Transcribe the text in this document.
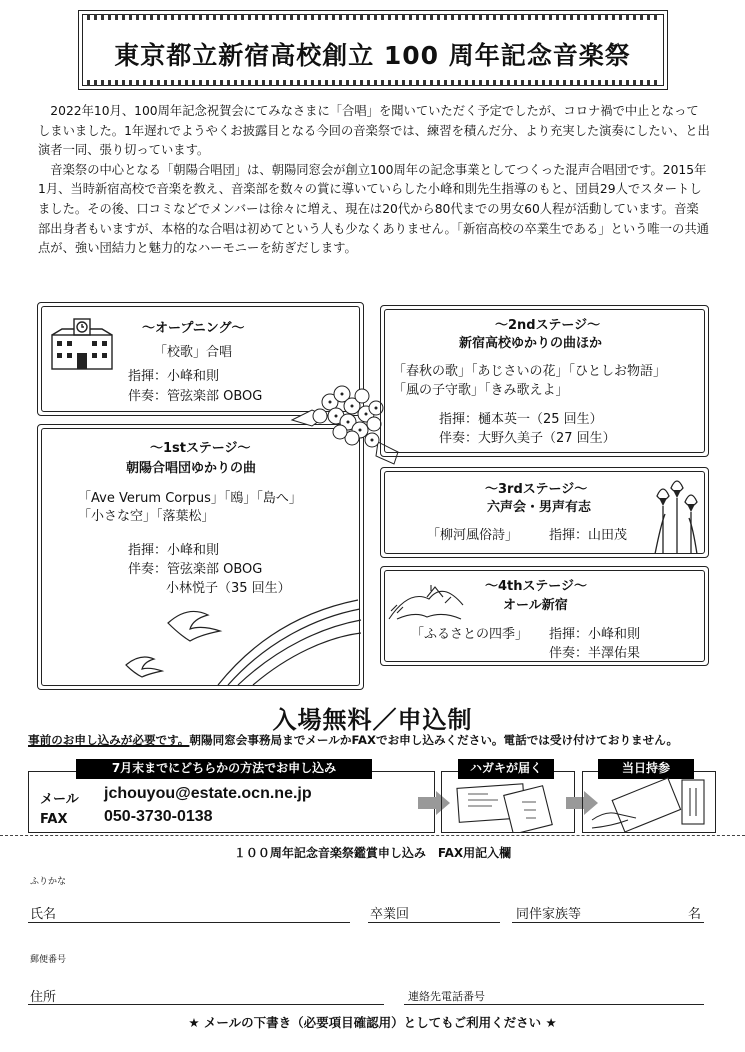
東京都立新宿高校創立 100 周年記念音楽祭

2022年10月、100周年記念祝賀会にてみなさまに「合唱」を聞いていただく予定でしたが、コロナ禍で中止となってしまいました。1年遅れでようやくお披露目となる今回の音楽祭では、練習を積んだ分、より充実した演奏にしたい、と出演者一同、張り切っています。

音楽祭の中心となる「朝陽合唱団」は、朝陽同窓会が創立100周年の記念事業としてつくった混声合唱団です。2015年1月、当時新宿高校で音楽を教え、音楽部を数々の賞に導いていらした小峰和則先生指導のもと、団員29人でスタートしました。その後、口コミなどでメンバーは徐々に増え、現在は20代から80代までの男女60人程が活動しています。音楽部出身者もいますが、本格的な合唱は初めてという人も少なくありません。「新宿高校の卒業生である」という唯一の共通点が、強い団結力と魅力的なハーモニーを紡ぎだします。

〜オープニング〜
「校歌」合唱
指揮：小峰和則
伴奏：管弦楽部 OBOG
〜1stステージ〜
朝陽合唱団ゆかりの曲
「Ave Verum Corpus」「鴎」「島へ」
「小さな空」「落葉松」
指揮：小峰和則
伴奏：管弦楽部 OBOG
小林悦子（35 回生）
〜2ndステージ〜
新宿高校ゆかりの曲ほか
「春秋の歌」「あじさいの花」「ひとしお物語」
「風の子守歌」「きみ歌えよ」
指揮：樋本英一（25 回生）
伴奏：大野久美子（27 回生）
〜3rdステージ〜
六声会・男声有志
「柳河風俗詩」 指揮：山田茂
〜4thステージ〜
オール新宿
「ふるさとの四季」 指揮：小峰和則
伴奏：半澤佑果
入場無料／申込制
事前のお申し込みが必要です。朝陽同窓会事務局までメールかFAXでお申し込みください。電話では受け付けておりません。
7月末までにどちらかの方法でお申し込み
メール jchouyou@estate.ocn.ne.jp
FAX 050-3730-0138
ハガキが届く	当日持参
１００周年記念音楽祭鑑賞申し込み　FAX用記入欄
ふりかな
氏名	卒業回	同伴家族等	名
郵便番号
住所	連絡先電話番号
★ メールの下書き（必要項目確認用）としてもご利用ください ★
